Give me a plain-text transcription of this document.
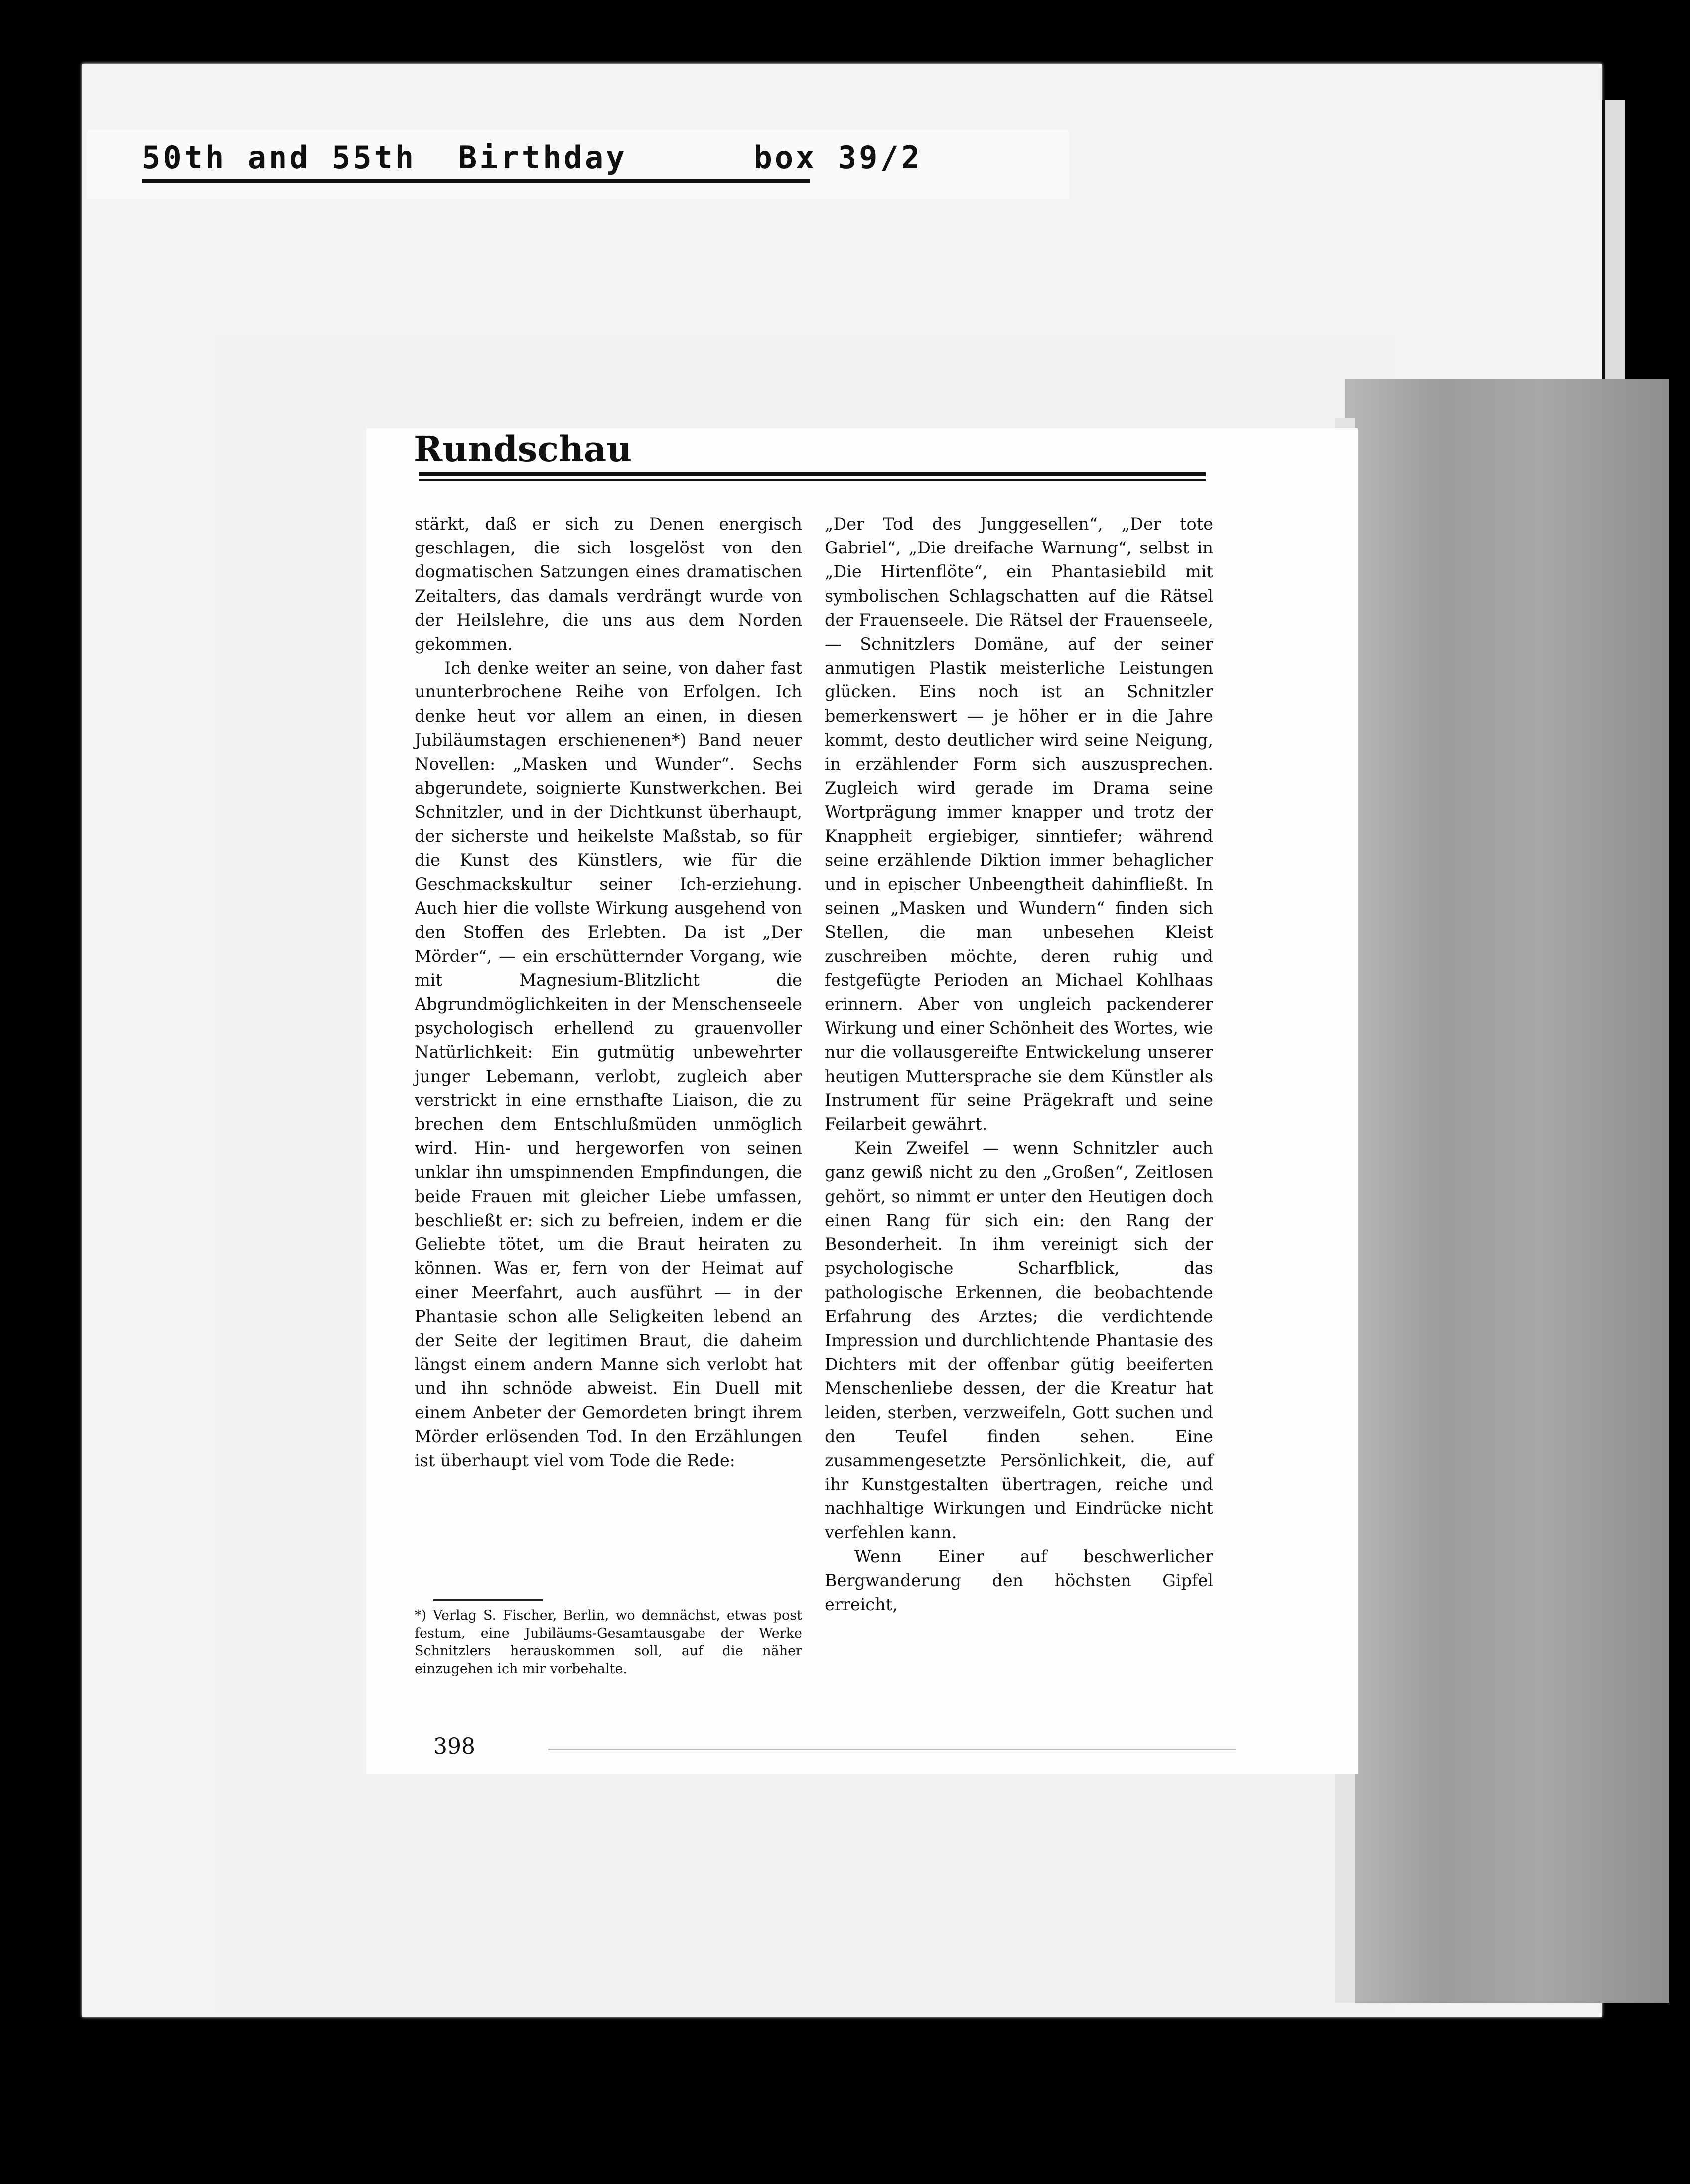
50th and 55th  Birthday      box 39/2
Rundschau

stärkt, daß er sich zu Denen energisch geschlagen, die sich losgelöst von den dogmatischen Satzungen eines dramatischen Zeitalters, das damals verdrängt wurde von der Heilslehre, die uns aus dem Norden gekommen.

Ich denke weiter an seine, von daher fast ununterbrochene Reihe von Erfolgen. Ich denke heut vor allem an einen, in diesen Jubiläumstagen erschienenen*) Band neuer Novellen: „Masken und Wunder“. Sechs abgerundete, soignierte Kunstwerkchen. Bei Schnitzler, und in der Dichtkunst überhaupt, der sicherste und heikelste Maßstab, so für die Kunst des Künstlers, wie für die Geschmackskultur seiner Ich-erziehung. Auch hier die vollste Wirkung ausgehend von den Stoffen des Erlebten. Da ist „Der Mörder“, — ein erschütternder Vorgang, wie mit Magnesium-Blitzlicht die Abgrundmöglichkeiten in der Menschenseele psychologisch erhellend zu grauenvoller Natürlichkeit: Ein gutmütig unbewehrter junger Lebemann, verlobt, zugleich aber verstrickt in eine ernsthafte Liaison, die zu brechen dem Entschlußmüden unmöglich wird. Hin- und hergeworfen von seinen unklar ihn umspinnenden Empfindungen, die beide Frauen mit gleicher Liebe umfassen, beschließt er: sich zu befreien, indem er die Geliebte tötet, um die Braut heiraten zu können. Was er, fern von der Heimat auf einer Meerfahrt, auch ausführt — in der Phantasie schon alle Seligkeiten lebend an der Seite der legitimen Braut, die daheim längst einem andern Manne sich verlobt hat und ihn schnöde abweist. Ein Duell mit einem Anbeter der Gemordeten bringt ihrem Mörder erlösenden Tod. In den Erzählungen ist überhaupt viel vom Tode die Rede:

*) Verlag S. Fischer, Berlin, wo demnächst, etwas post festum, eine Jubiläums-Gesamtausgabe der Werke Schnitzlers herauskommen soll, auf die näher einzugehen ich mir vorbehalte.

„Der Tod des Junggesellen“, „Der tote Gabriel“, „Die dreifache Warnung“, selbst in „Die Hirtenflöte“, ein Phantasiebild mit symbolischen Schlagschatten auf die Rätsel der Frauenseele. Die Rätsel der Frauenseele, — Schnitzlers Domäne, auf der seiner anmutigen Plastik meisterliche Leistungen glücken. Eins noch ist an Schnitzler bemerkenswert — je höher er in die Jahre kommt, desto deutlicher wird seine Neigung, in erzählender Form sich auszusprechen. Zugleich wird gerade im Drama seine Wortprägung immer knapper und trotz der Knappheit ergiebiger, sinntiefer; während seine erzählende Diktion immer behaglicher und in epischer Unbeengtheit dahinfließt. In seinen „Masken und Wundern“ finden sich Stellen, die man unbesehen Kleist zuschreiben möchte, deren ruhig und festgefügte Perioden an Michael Kohlhaas erinnern. Aber von ungleich packenderer Wirkung und einer Schönheit des Wortes, wie nur die vollausgereifte Entwickelung unserer heutigen Muttersprache sie dem Künstler als Instrument für seine Prägekraft und seine Feilarbeit gewährt.

Kein Zweifel — wenn Schnitzler auch ganz gewiß nicht zu den „Großen“, Zeitlosen gehört, so nimmt er unter den Heutigen doch einen Rang für sich ein: den Rang der Besonderheit. In ihm vereinigt sich der psychologische Scharfblick, das pathologische Erkennen, die beobachtende Erfahrung des Arztes; die verdichtende Impression und durchlichtende Phantasie des Dichters mit der offenbar gütig beeiferten Menschenliebe dessen, der die Kreatur hat leiden, sterben, verzweifeln, Gott suchen und den Teufel finden sehen. Eine zusammengesetzte Persönlichkeit, die, auf ihr Kunstgestalten übertragen, reiche und nachhaltige Wirkungen und Eindrücke nicht verfehlen kann.

Wenn Einer auf beschwerlicher Bergwanderung den höchsten Gipfel erreicht,

398
